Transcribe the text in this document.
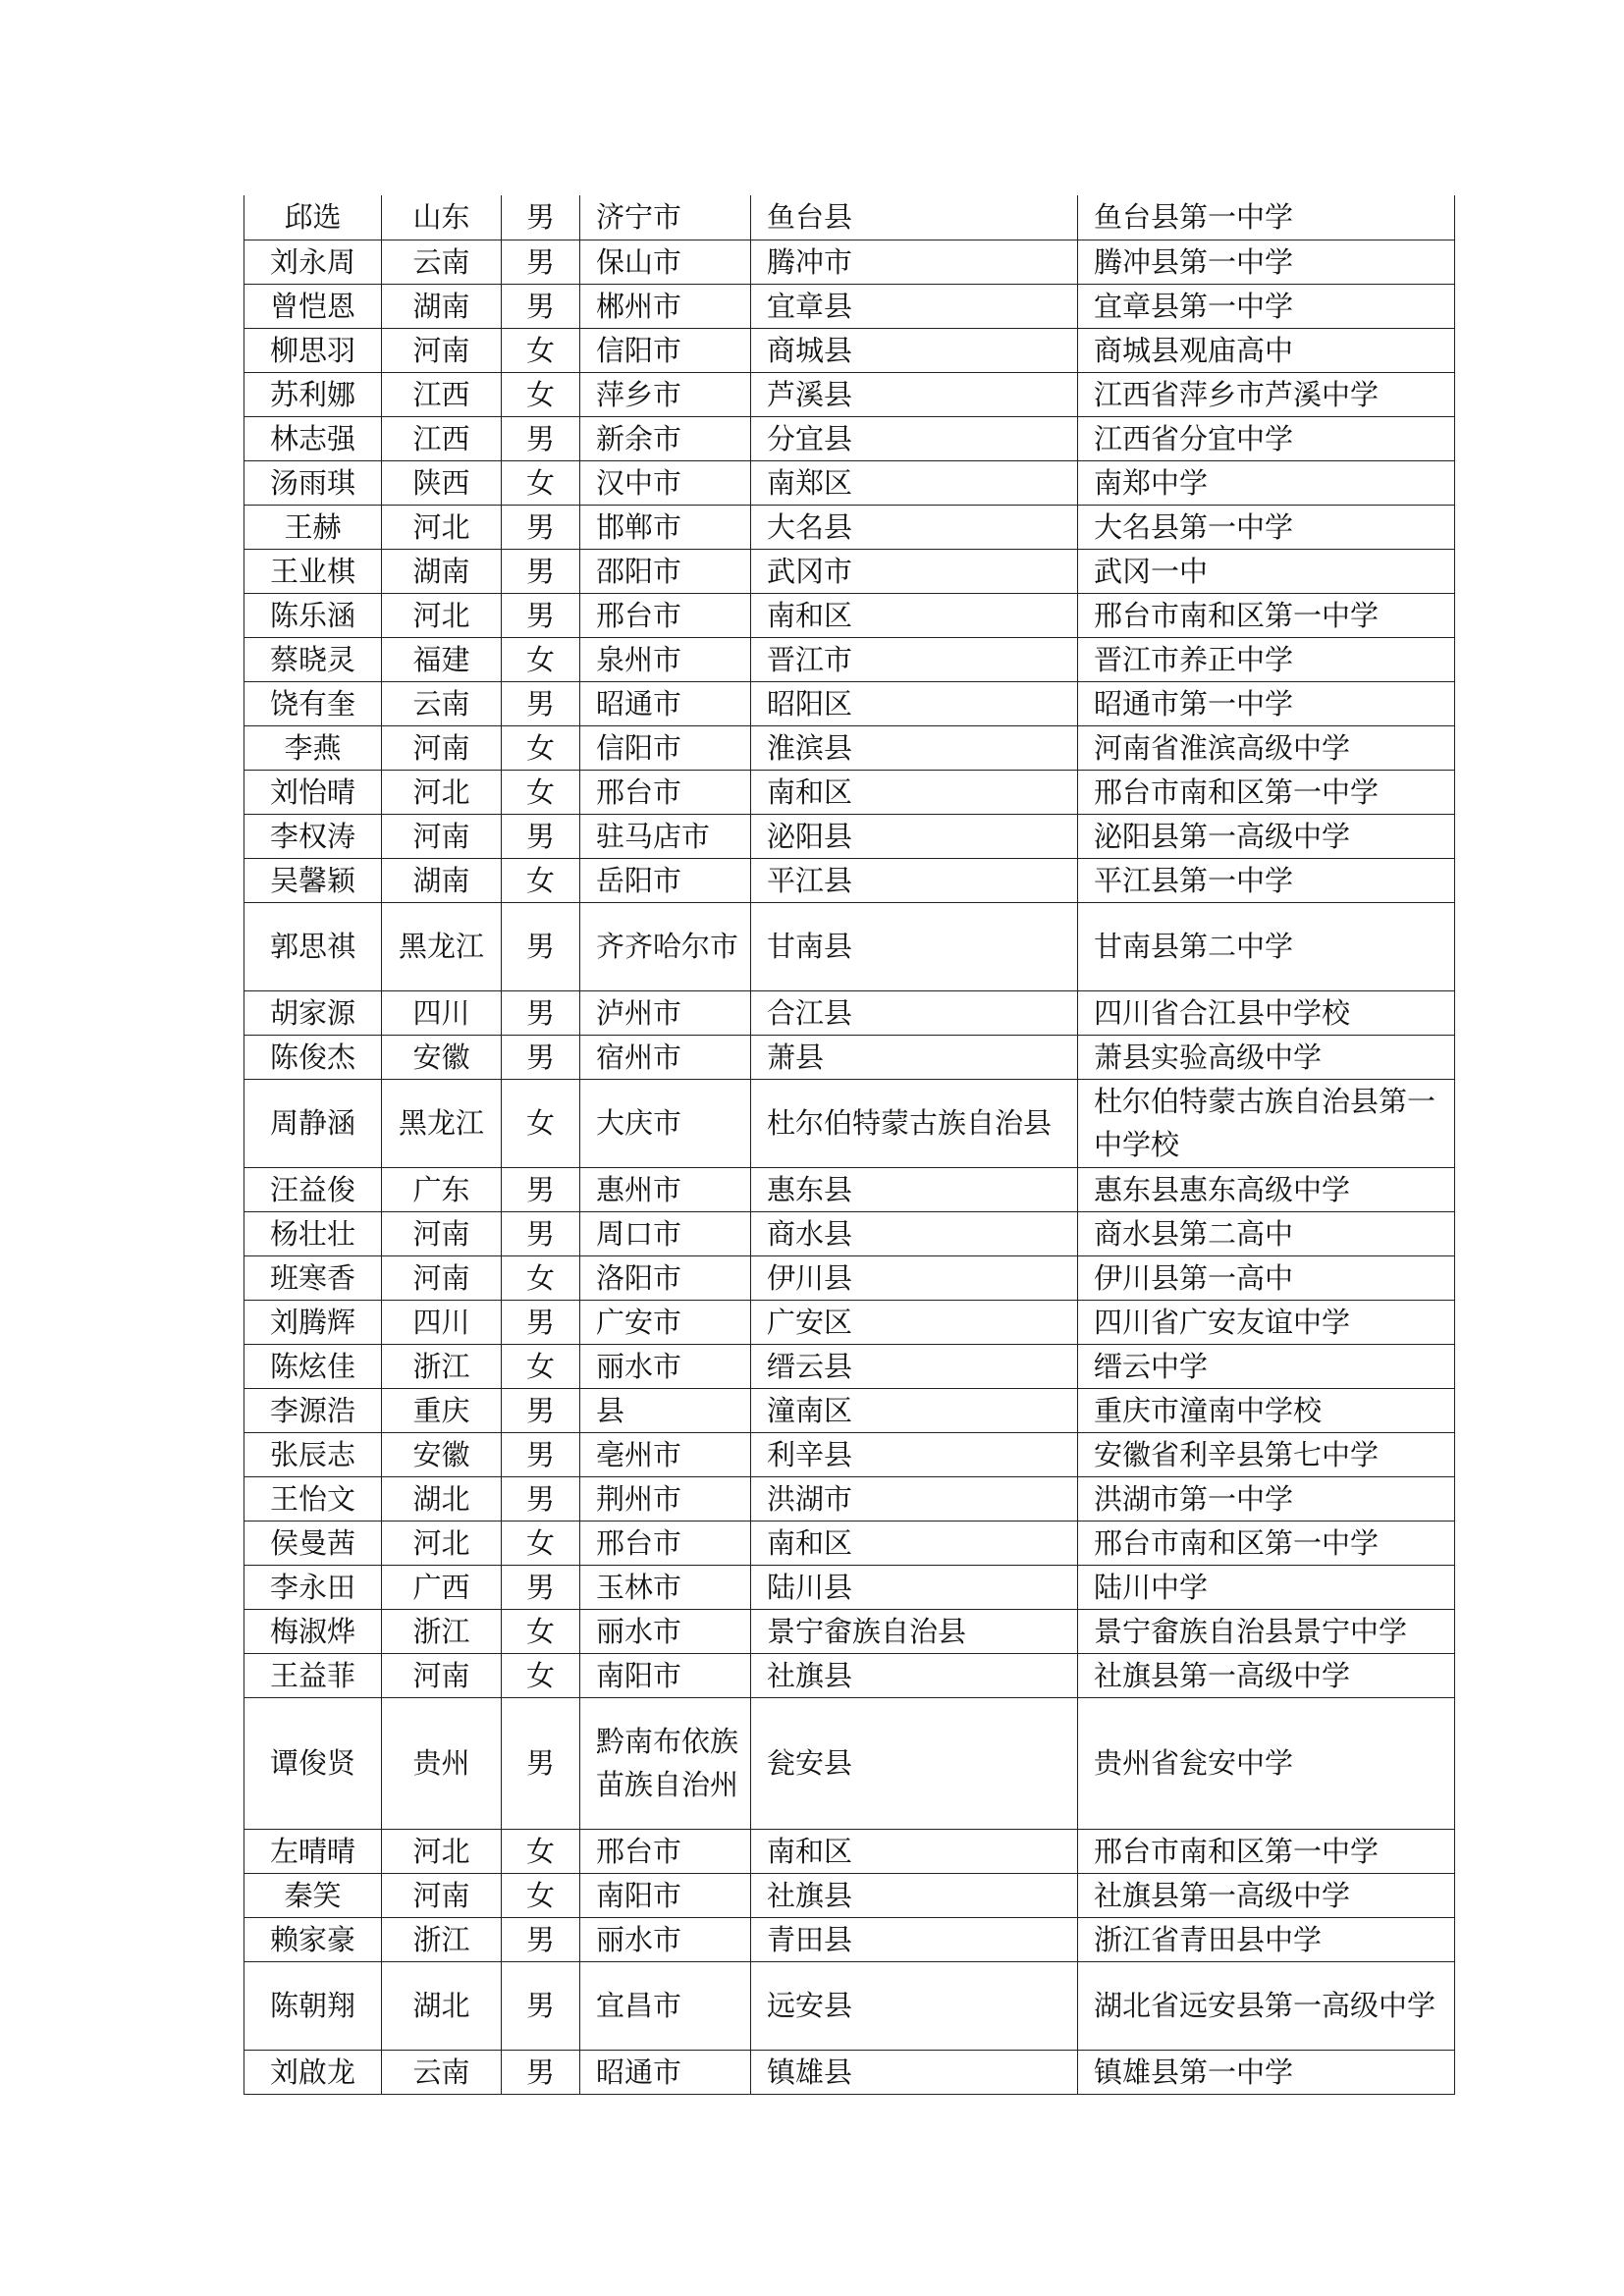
邱选	山东	男	济宁市	鱼台县	鱼台县第一中学
刘永周	云南	男	保山市	腾冲市	腾冲县第一中学
曾恺恩	湖南	男	郴州市	宜章县	宜章县第一中学
柳思羽	河南	女	信阳市	商城县	商城县观庙高中
苏利娜	江西	女	萍乡市	芦溪县	江西省萍乡市芦溪中学
林志强	江西	男	新余市	分宜县	江西省分宜中学
汤雨琪	陕西	女	汉中市	南郑区	南郑中学
王赫	河北	男	邯郸市	大名县	大名县第一中学
王业棋	湖南	男	邵阳市	武冈市	武冈一中
陈乐涵	河北	男	邢台市	南和区	邢台市南和区第一中学
蔡晓灵	福建	女	泉州市	晋江市	晋江市养正中学
饶有奎	云南	男	昭通市	昭阳区	昭通市第一中学
李燕	河南	女	信阳市	淮滨县	河南省淮滨高级中学
刘怡晴	河北	女	邢台市	南和区	邢台市南和区第一中学
李权涛	河南	男	驻马店市	泌阳县	泌阳县第一高级中学
吴馨颖	湖南	女	岳阳市	平江县	平江县第一中学
郭思祺	黑龙江	男	齐齐哈尔市	甘南县	甘南县第二中学
胡家源	四川	男	泸州市	合江县	四川省合江县中学校
陈俊杰	安徽	男	宿州市	萧县	萧县实验高级中学
周静涵	黑龙江	女	大庆市	杜尔伯特蒙古族自治县	杜尔伯特蒙古族自治县第一中学校
汪益俊	广东	男	惠州市	惠东县	惠东县惠东高级中学
杨壮壮	河南	男	周口市	商水县	商水县第二高中
班寒香	河南	女	洛阳市	伊川县	伊川县第一高中
刘腾辉	四川	男	广安市	广安区	四川省广安友谊中学
陈炫佳	浙江	女	丽水市	缙云县	缙云中学
李源浩	重庆	男	县	潼南区	重庆市潼南中学校
张辰志	安徽	男	亳州市	利辛县	安徽省利辛县第七中学
王怡文	湖北	男	荆州市	洪湖市	洪湖市第一中学
侯曼茜	河北	女	邢台市	南和区	邢台市南和区第一中学
李永田	广西	男	玉林市	陆川县	陆川中学
梅淑烨	浙江	女	丽水市	景宁畲族自治县	景宁畲族自治县景宁中学
王益菲	河南	女	南阳市	社旗县	社旗县第一高级中学
谭俊贤	贵州	男	黔南布依族苗族自治州	瓮安县	贵州省瓮安中学
左晴晴	河北	女	邢台市	南和区	邢台市南和区第一中学
秦笑	河南	女	南阳市	社旗县	社旗县第一高级中学
赖家豪	浙江	男	丽水市	青田县	浙江省青田县中学
陈朝翔	湖北	男	宜昌市	远安县	湖北省远安县第一高级中学
刘啟龙	云南	男	昭通市	镇雄县	镇雄县第一中学
